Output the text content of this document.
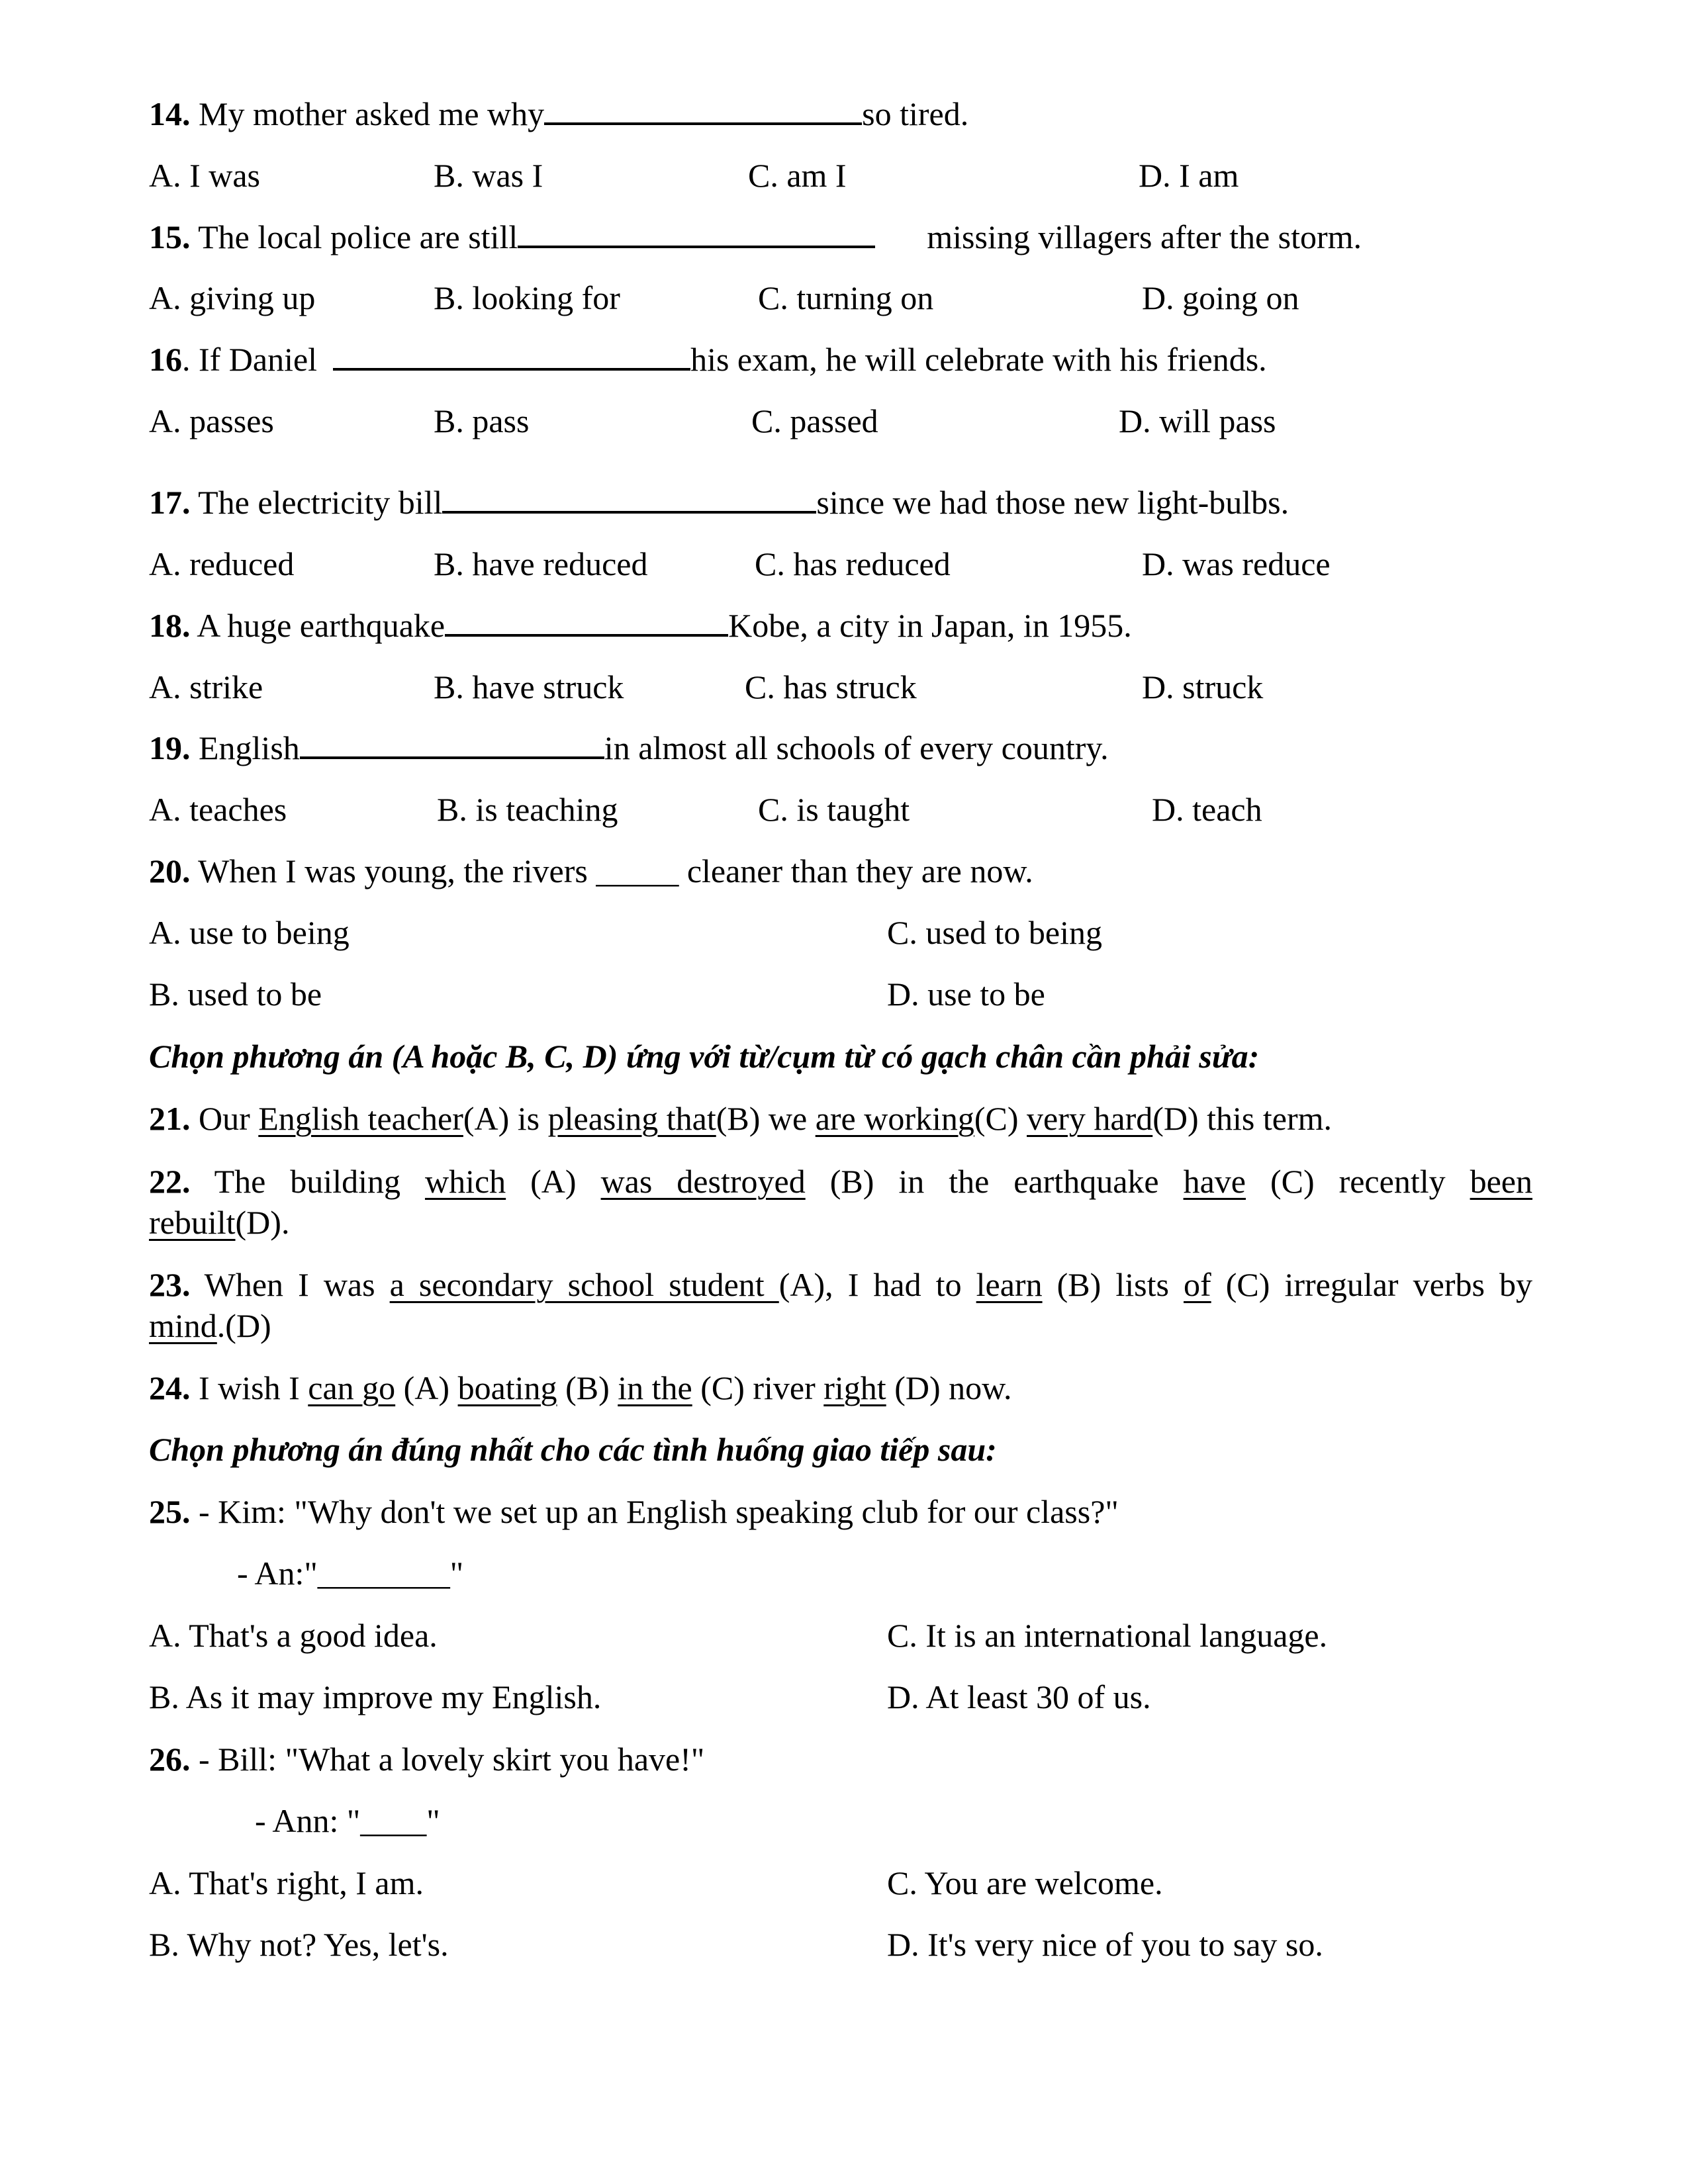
14. My mother asked me why	so tired.
A. I was	B. was I	C. am I	D. I am
15. The local police are still	missing villagers after the storm.
A. giving up	B. looking for	C. turning on	D. going on
16. If Daniel	his exam, he will celebrate with his friends.
A. passes	B. pass	C. passed	D. will pass
17. The electricity bill	since we had those new light-bulbs.
A. reduced	B. have reduced	C. has reduced	D. was reduce
18. A huge earthquake	Kobe, a city in Japan, in 1955.
A. strike	B. have struck	C. has struck	D. struck
19. English	in almost all schools of every country.
A. teaches	B. is teaching	C. is taught	D. teach
20. When I was young, the rivers _____ cleaner than they are now.
A. use to being	C. used to being
B. used to be	D. use to be
Chọn phương án (A hoặc B, C, D) ứng với từ/cụm từ có gạch chân cần phải sửa:
21. Our English teacher(A) is pleasing that(B) we are working(C) very hard(D) this term.
22. The building which (A) was destroyed (B) in the earthquake have (C) recently been
rebuilt(D).
23. When I was a secondary school student (A), I had to learn (B) lists of (C) irregular verbs by
mind.(D)
24. I wish I can go (A) boating (B) in the (C) river right (D) now.
Chọn phương án đúng nhất cho các tình huống giao tiếp sau:
25. - Kim: "Why don't we set up an English speaking club for our class?"
- An:"________"
A. That's a good idea.	C. It is an international language.
B. As it may improve my English.	D. At least 30 of us.
26. - Bill: "What a lovely skirt you have!"
- Ann: "____"
A. That's right, I am.	C. You are welcome.
B. Why not? Yes, let's.	D. It's very nice of you to say so.
